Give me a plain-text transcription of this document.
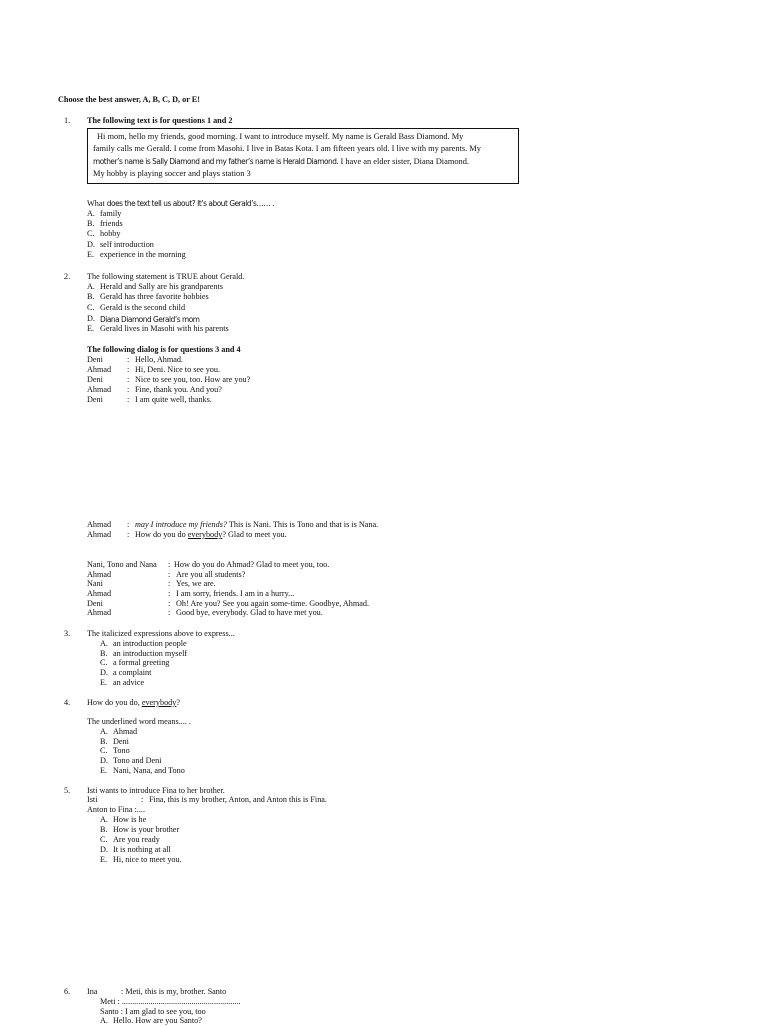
Choose the best answer, A, B, C, D, or E!
1. The following text is for questions 1 and 2
Hi mom, hello my friends, good morning. I want to introduce myself. My name is Gerald Bass Diamond. My
family calls me Gerald. I come from Masohi. I live in Batas Kota. I am fifteen years old. I live with my parents. My
mother’s name is Sally Diamond and my father’s name is Herald Diamond. I have an elder sister, Diana Diamond.
My hobby is playing soccer and plays station 3
What does the text tell us about? It’s about Gerald’s…… .
A. family
B. friends
C. hobby
D. self introduction
E. experience in the morning
2. The following statement is TRUE about Gerald.
A. Herald and Sally are his grandparents
B. Gerald has three favorite hobbies
C. Gerald is the second child
D. Diana Diamond Gerald’s mom
E. Gerald lives in Masohi with his parents
The following dialog is for questions 3 and 4
Deni	: Hello, Ahmad.
Ahmad : Hi, Deni. Nice to see you.
Deni	: Nice to see you, too. How are you?
Ahmad : Fine, thank you. And you?
Deni	: I am quite well, thanks.
Ahmad : may I introduce my friends? This is Nani. This is Tono and that is is Nana.
Ahmad : How do you do everybody? Glad to meet you.
Nani, Tono and Nana : How do you do Ahmad? Glad to meet you, too.
Ahmad	: Are you all students?
Nani	: Yes, we are.
Ahmad	: I am sorry, friends. I am in a hurry...
Deni	: Oh! Are you? See you again some-time. Goodbye, Ahmad.
Ahmad	: Good bye, everybody. Glad to have met you.
3. The italicized expressions above to express...
A. an introduction people
B. an introduction myself
C. a formal greeting
D. a complaint
E. an advice
4. How do you do, everybody?
The underlined word means.... .
A. Ahmad
B. Deni
C. Tono
D. Tono and Deni
E. Nani, Nana, and Tono
5. Isti wants to introduce Fina to her brother.
Isti	: Fina, this is my brother, Anton, and Anton this is Fina.
Anton to Fina :....
A. How is he
B. How is your brother
C. Are you ready
D. It is nothing at all
E. Hi, nice to meet you.
6. Ina	: Meti, this is my, brother. Santo
Meti : ..........................................................
Santo : I am glad to see you, too
A. Hello. How are you Santo?
